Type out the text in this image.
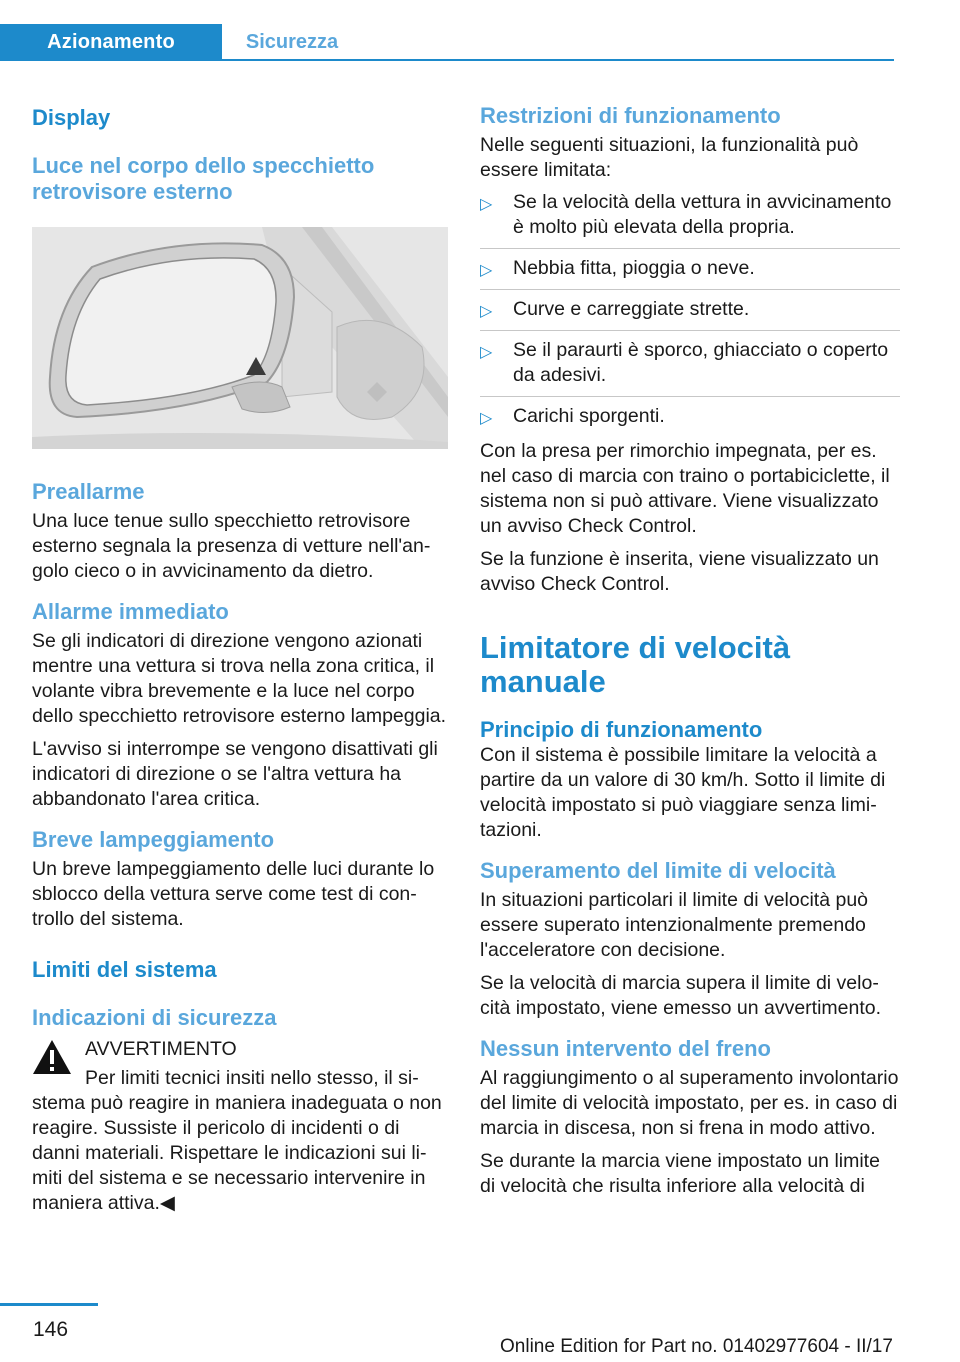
Azionamento	Sicurezza
Display
Luce nel corpo dello specchietto retrovisore esterno
Preallarme

Una luce tenue sullo specchietto retrovisore esterno segnala la presenza di vetture nell'angolo cieco o in avvicinamento da dietro.

Allarme immediato

Se gli indicatori di direzione vengono azionati mentre una vettura si trova nella zona critica, il volante vibra brevemente e la luce nel corpo dello specchietto retrovisore esterno lampeggia.

L'avviso si interrompe se vengono disattivati gli indicatori di direzione o se l'altra vettura ha abbandonato l'area critica.

Breve lampeggiamento

Un breve lampeggiamento delle luci durante lo sblocco della vettura serve come test di controllo del sistema.

Limiti del sistema
Indicazioni di sicurezza

AVVERTIMENTO

Per limiti tecnici insiti nello stesso, il sistema può reagire in maniera inadeguata o non reagire. Sussiste il pericolo di incidenti o di danni materiali. Rispettare le indicazioni sui limiti del sistema e se necessario intervenire in maniera attiva.◀

Restrizioni di funzionamento

Nelle seguenti situazioni, la funzionalità può essere limitata:

▷ Se la velocità della vettura in avvicinamento è molto più elevata della propria.
▷ Nebbia fitta, pioggia o neve.
▷ Curve e carreggiate strette.
▷ Se il paraurti è sporco, ghiacciato o coperto da adesivi.
▷ Carichi sporgenti.

Con la presa per rimorchio impegnata, per es. nel caso di marcia con traino o portabiciclette, il sistema non si può attivare. Viene visualizzato un avviso Check Control.

Se la funzione è inserita, viene visualizzato un avviso Check Control.

Limitatore di velocità manuale
Principio di funzionamento

Con il sistema è possibile limitare la velocità a partire da un valore di 30 km/h. Sotto il limite di velocità impostato si può viaggiare senza limitazioni.

Superamento del limite di velocità

In situazioni particolari il limite di velocità può essere superato intenzionalmente premendo l'acceleratore con decisione.

Se la velocità di marcia supera il limite di velocità impostato, viene emesso un avvertimento.

Nessun intervento del freno

Al raggiungimento o al superamento involontario del limite di velocità impostato, per es. in caso di marcia in discesa, non si frena in modo attivo.

Se durante la marcia viene impostato un limite di velocità che risulta inferiore alla velocità di

146
Online Edition for Part no. 01402977604 - II/17
